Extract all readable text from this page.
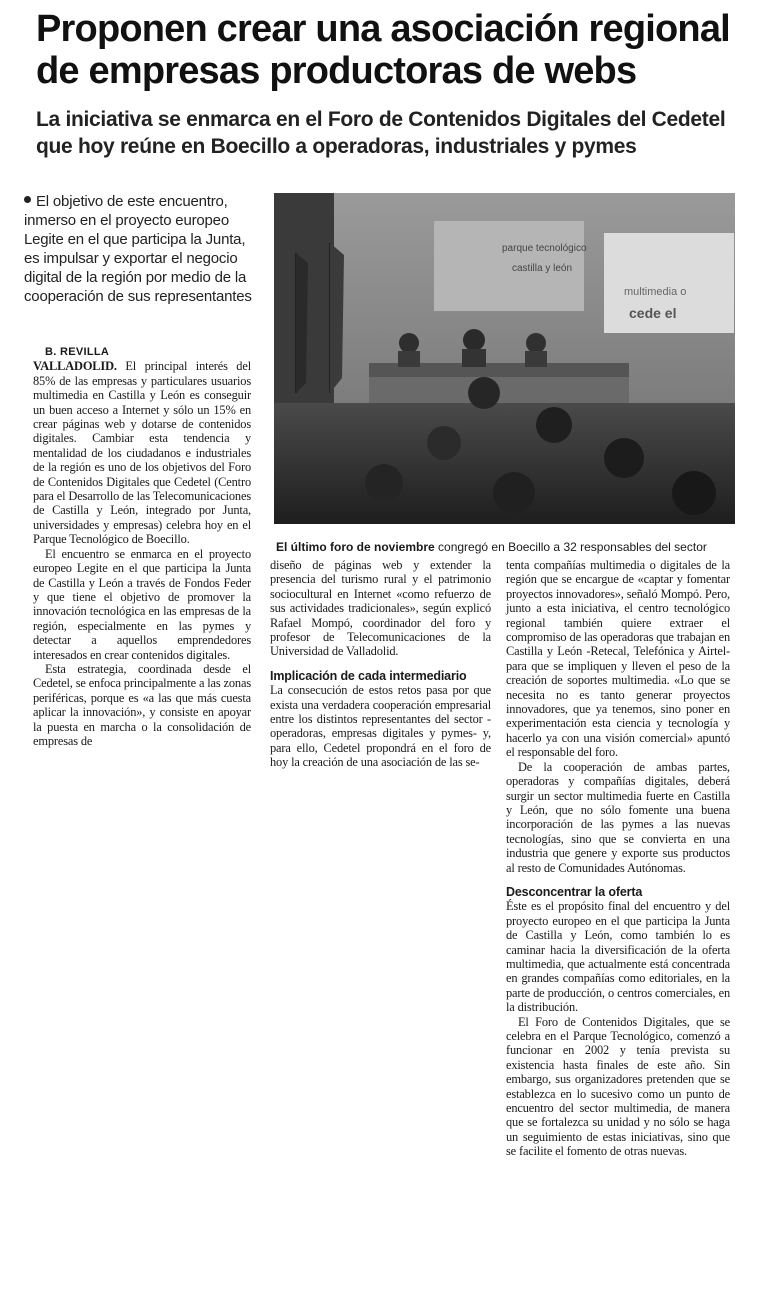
Proponen crear una asociación regional de empresas productoras de webs
La iniciativa se enmarca en el Foro de Contenidos Digitales del Cedetel que hoy reúne en Boecillo a operadoras, industriales y pymes

El objetivo de este encuentro, inmerso en el proyecto europeo Legite en el que participa la Junta, es impulsar y exportar el negocio digital de la región por medio de la cooperación de sus representantes

parque tecnológico
castilla y león
multimedia o
cede el

El último foro de noviembre congregó en Boecillo a 32 responsables del sector

B. REVILLA

VALLADOLID. El principal interés del 85% de las empresas y particulares usuarios multimedia en Castilla y León es conseguir un buen acceso a Internet y sólo un 15% en crear páginas web y dotarse de contenidos digitales. Cambiar esta tendencia y mentalidad de los ciudadanos e industriales de la región es uno de los objetivos del Foro de Contenidos Digitales que Cedetel (Centro para el Desarrollo de las Telecomunicaciones de Castilla y León, integrado por Junta, universidades y empresas) celebra hoy en el Parque Tecnológico de Boecillo.

El encuentro se enmarca en el proyecto europeo Legite en el que participa la Junta de Castilla y León a través de Fondos Feder y que tiene el objetivo de promover la innovación tecnológica en las empresas de la región, especialmente en las pymes y detectar a aquellos emprendedores interesados en crear contenidos digitales.

Esta estrategia, coordinada desde el Cedetel, se enfoca principalmente a las zonas periféricas, porque es «a las que más cuesta aplicar la innovación», y consiste en apoyar la puesta en marcha o la consolidación de empresas de

diseño de páginas web y extender la presencia del turismo rural y el patrimonio sociocultural en Internet «como refuerzo de sus actividades tradicionales», según explicó Rafael Mompó, coordinador del foro y profesor de Telecomunicaciones de la Universidad de Valladolid.

Implicación de cada intermediario

La consecución de estos retos pasa por que exista una verdadera cooperación empresarial entre los distintos representantes del sector -operadoras, empresas digitales y pymes- y, para ello, Cedetel propondrá en el foro de hoy la creación de una asociación de las se-

tenta compañías multimedia o digitales de la región que se encargue de «captar y fomentar proyectos innovadores», señaló Mompó. Pero, junto a esta iniciativa, el centro tecnológico regional también quiere extraer el compromiso de las operadoras que trabajan en Castilla y León -Retecal, Telefónica y Airtel- para que se impliquen y lleven el peso de la creación de soportes multimedia. «Lo que se necesita no es tanto generar proyectos innovadores, que ya tenemos, sino poner en experimentación esta ciencia y tecnología y hacerlo ya con una visión comercial» apuntó el responsable del foro.

De la cooperación de ambas partes, operadoras y compañías digitales, deberá surgir un sector multimedia fuerte en Castilla y León, que no sólo fomente una buena incorporación de las pymes a las nuevas tecnologías, sino que se convierta en una industria que genere y exporte sus productos al resto de Comunidades Autónomas.

Desconcentrar la oferta

Éste es el propósito final del encuentro y del proyecto europeo en el que participa la Junta de Castilla y León, como también lo es caminar hacia la diversificación de la oferta multimedia, que actualmente está concentrada en grandes compañías como editoriales, en la parte de producción, o centros comerciales, en la distribución.

El Foro de Contenidos Digitales, que se celebra en el Parque Tecnológico, comenzó a funcionar en 2002 y tenía prevista su existencia hasta finales de este año. Sin embargo, sus organizadores pretenden que se establezca en lo sucesivo como un punto de encuentro del sector multimedia, de manera que se fortalezca su unidad y no sólo se haga un seguimiento de estas iniciativas, sino que se facilite el fomento de otras nuevas.
